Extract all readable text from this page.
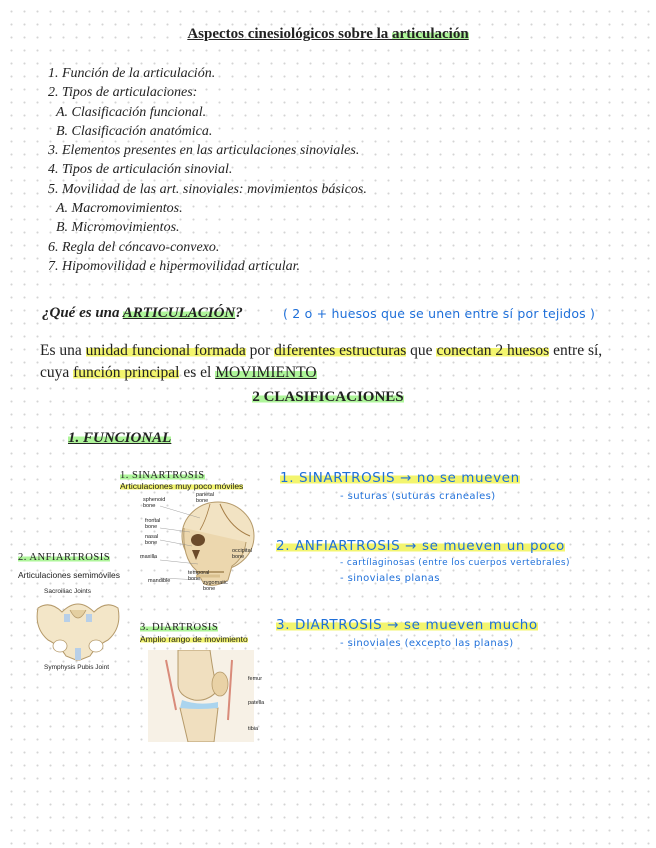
Aspectos cinesiológicos sobre la articulación
1. Función de la articulación.
2. Tipos de articulaciones:
A. Clasificación funcional.
B. Clasificación anatómica.
3. Elementos presentes en las articulaciones sinoviales.
4. Tipos de articulación sinovial.
5. Movilidad de las art. sinoviales: movimientos básicos.
A. Macromovimientos.
B. Micromovimientos.
6. Regla del cóncavo-convexo.
7. Hipomovilidad e hipermovilidad articular.
¿Qué es una ARTICULACIÓN?	( 2 o + huesos que se unen entre sí por tejidos )
Es una unidad funcional formada por diferentes estructuras que conectan 2 huesos entre sí, cuya función principal es el MOVIMIENTO
2 CLASIFICACIONES
1. FUNCIONAL
1. SINARTROSIS
Articulaciones muy poco móviles
sphenoid bone
parietal bone
frontal bone
nasal bone
maxilla
mandible
occipital bone
temporal bone
zygomatic bone
2. ANFIARTROSIS
Articulaciones semimóviles
Sacroiliac Joints
Symphysis Pubis Joint
3. DIARTROSIS
Amplio rango de movimiento
femur
patella
tibia
1. SINARTROSIS → no se mueven
- suturas (suturas craneales)
2. ANFIARTROSIS → se mueven un poco
- cartílaginosas (entre los cuerpos vertebrales)
- sinoviales planas
3. DIARTROSIS → se mueven mucho
- sinoviales (excepto las planas)
